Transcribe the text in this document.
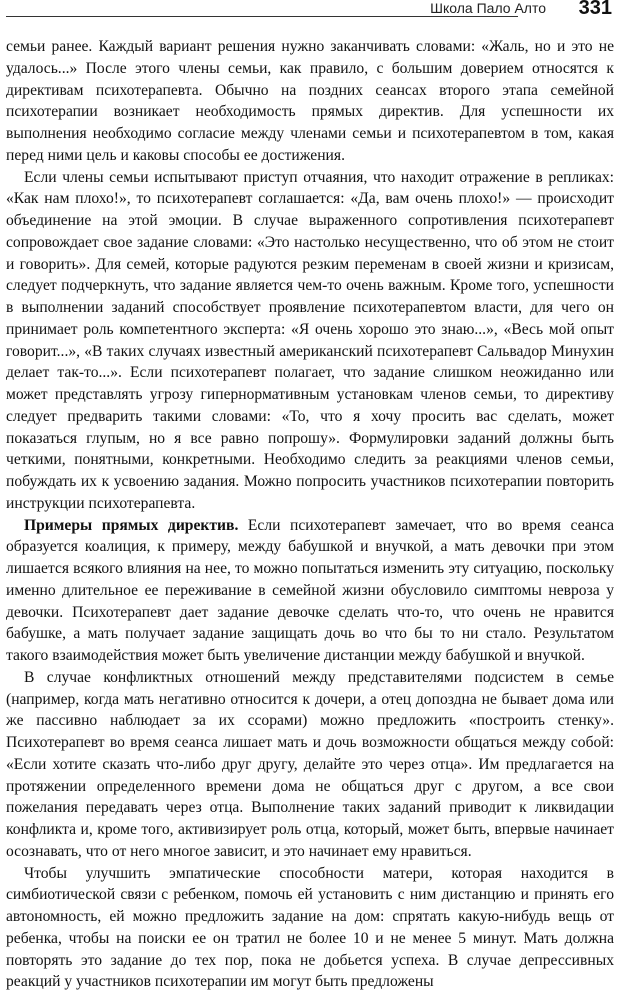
Школа Пало Алто 331

семьи ранее. Каждый вариант решения нужно заканчивать словами: «Жаль, но и это не удалось...» После этого члены семьи, как правило, с большим доверием относятся к директивам психотерапевта. Обычно на поздних сеансах второго этапа семейной психотерапии возникает необходимость прямых директив. Для успешности их выполнения необходимо согласие между членами семьи и психотерапевтом в том, какая перед ними цель и каковы способы ее достижения.

Если члены семьи испытывают приступ отчаяния, что находит отражение в репликах: «Как нам плохо!», то психотерапевт соглашается: «Да, вам очень плохо!» — происходит объединение на этой эмоции. В случае выраженного сопротивления психотерапевт сопровождает свое задание словами: «Это настолько несущественно, что об этом не стоит и говорить». Для семей, которые радуются резким переменам в своей жизни и кризисам, следует подчеркнуть, что задание является чем-то очень важным. Кроме того, успешности в выполнении заданий способствует проявление психотерапевтом власти, для чего он принимает роль компетентного эксперта: «Я очень хорошо это знаю...», «Весь мой опыт говорит...», «В таких случаях известный американский психотерапевт Сальвадор Минухин делает так-то...». Если психотерапевт полагает, что задание слишком неожиданно или может представлять угрозу гипернормативным установкам членов семьи, то директиву следует предварить такими словами: «То, что я хочу просить вас сделать, может показаться глупым, но я все равно попрошу». Формулировки заданий должны быть четкими, понятными, конкретными. Необходимо следить за реакциями членов семьи, побуждать их к усвоению задания. Можно попросить участников психотерапии повторить инструкции психотерапевта.

Примеры прямых директив. Если психотерапевт замечает, что во время сеанса образуется коалиция, к примеру, между бабушкой и внучкой, а мать девочки при этом лишается всякого влияния на нее, то можно попытаться изменить эту ситуацию, поскольку именно длительное ее переживание в семейной жизни обусловило симптомы невроза у девочки. Психотерапевт дает задание девочке сделать что-то, что очень не нравится бабушке, а мать получает задание защищать дочь во что бы то ни стало. Результатом такого взаимодействия может быть увеличение дистанции между бабушкой и внучкой.

В случае конфликтных отношений между представителями подсистем в семье (например, когда мать негативно относится к дочери, а отец допоздна не бывает дома или же пассивно наблюдает за их ссорами) можно предложить «построить стенку». Психотерапевт во время сеанса лишает мать и дочь возможности общаться между собой: «Если хотите сказать что-либо друг другу, делайте это через отца». Им предлагается на протяжении определенного времени дома не общаться друг с другом, а все свои пожелания передавать через отца. Выполнение таких заданий приводит к ликвидации конфликта и, кроме того, активизирует роль отца, который, может быть, впервые начинает осознавать, что от него многое зависит, и это начинает ему нравиться.

Чтобы улучшить эмпатические способности матери, которая находится в симбиотической связи с ребенком, помочь ей установить с ним дистанцию и принять его автономность, ей можно предложить задание на дом: спрятать какую-нибудь вещь от ребенка, чтобы на поиски ее он тратил не более 10 и не менее 5 минут. Мать должна повторять это задание до тех пор, пока не добьется успеха. В случае депрессивных реакций у участников психотерапии им могут быть предложены
